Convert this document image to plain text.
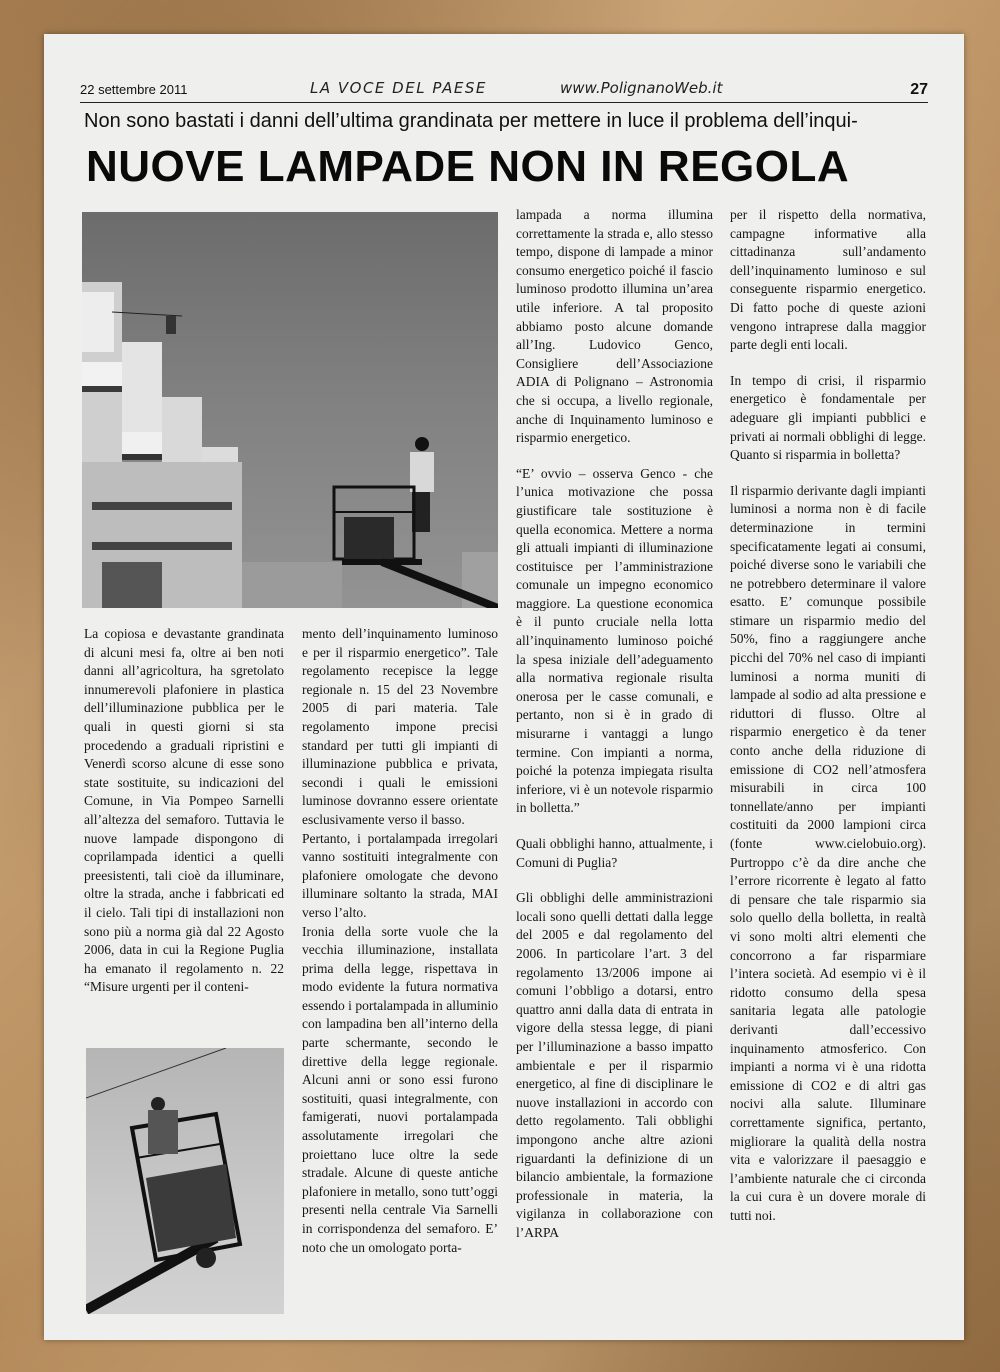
22 settembre 2011	LA VOCE DEL PAESE	www.PolignanoWeb.it	27
Non sono bastati i danni dell’ultima grandinata per mettere in luce il problema dell’inqui-
NUOVE LAMPADE NON IN REGOLA

La copiosa e devastante grandinata di alcuni mesi fa, oltre ai ben noti danni all’agricoltura, ha sgretolato innumerevoli plafoniere in plastica dell’illuminazione pubblica per le quali in questi giorni si sta procedendo a graduali ripristini e Venerdì scorso alcune di esse sono state sostituite, su indicazioni del Comune, in Via Pompeo Sarnelli all’altezza del semaforo. Tuttavia le nuove lampade dispongono di coprilampada identici a quelli preesistenti, tali cioè da illuminare, oltre la strada, anche i fabbricati ed il cielo. Tali tipi di installazioni non sono più a norma già dal 22 Agosto 2006, data in cui la Regione Puglia ha emanato il regolamento n. 22 “Misure urgenti per il conteni-

mento dell’inquinamento luminoso e per il risparmio energetico”. Tale regolamento recepisce la legge regionale n. 15 del 23 Novembre 2005 di pari materia. Tale regolamento impone precisi standard per tutti gli impianti di illuminazione pubblica e privata, secondi i quali le emissioni luminose dovranno essere orientate esclusivamente verso il basso.

Pertanto, i portalampada irregolari vanno sostituiti integralmente con plafoniere omologate che devono illuminare soltanto la strada, MAI verso l’alto.

Ironia della sorte vuole che la vecchia illuminazione, installata prima della legge, rispettava in modo evidente la futura normativa essendo i portalampada in alluminio con lampadina ben all’interno della parte schermante, secondo le direttive della legge regionale. Alcuni anni or sono essi furono sostituiti, quasi integralmente, con famigerati, nuovi portalampada assolutamente irregolari che proiettano luce oltre la sede stradale. Alcune di queste antiche plafoniere in metallo, sono tutt’oggi presenti nella centrale Via Sarnelli in corrispondenza del semaforo. E’ noto che un omologato porta-

lampada a norma illumina correttamente la strada e, allo stesso tempo, dispone di lampade a minor consumo energetico poiché il fascio luminoso prodotto illumina un’area utile inferiore. A tal proposito abbiamo posto alcune domande all’Ing. Ludovico Genco, Consigliere dell’Associazione ADIA di Polignano – Astronomia che si occupa, a livello regionale, anche di Inquinamento luminoso e risparmio energetico.

“E’ ovvio – osserva Genco - che l’unica motivazione che possa giustificare tale sostituzione è quella economica. Mettere a norma gli attuali impianti di illuminazione costituisce per l’amministrazione comunale un impegno economico maggiore. La questione economica è il punto cruciale nella lotta all’inquinamento luminoso poiché la spesa iniziale dell’adeguamento alla normativa regionale risulta onerosa per le casse comunali, e pertanto, non si è in grado di misurarne i vantaggi a lungo termine. Con impianti a norma, poiché la potenza impiegata risulta inferiore, vi è un notevole risparmio in bolletta.”

Quali obblighi hanno, attualmente, i Comuni di Puglia?

Gli obblighi delle amministrazioni locali sono quelli dettati dalla legge del 2005 e dal regolamento del 2006. In particolare l’art. 3 del regolamento 13/2006 impone ai comuni l’obbligo a dotarsi, entro quattro anni dalla data di entrata in vigore della stessa legge, di piani per l’illuminazione a basso impatto ambientale e per il risparmio energetico, al fine di disciplinare le nuove installazioni in accordo con detto regolamento. Tali obblighi impongono anche altre azioni riguardanti la definizione di un bilancio ambientale, la formazione professionale in materia, la vigilanza in collaborazione con l’ARPA

per il rispetto della normativa, campagne informative alla cittadinanza sull’andamento dell’inquinamento luminoso e sul conseguente risparmio energetico. Di fatto poche di queste azioni vengono intraprese dalla maggior parte degli enti locali.

In tempo di crisi, il risparmio energetico è fondamentale per adeguare gli impianti pubblici e privati ai normali obblighi di legge. Quanto si risparmia in bolletta?

Il risparmio derivante dagli impianti luminosi a norma non è di facile determinazione in termini specificatamente legati ai consumi, poiché diverse sono le variabili che ne potrebbero determinare il valore esatto. E’ comunque possibile stimare un risparmio medio del 50%, fino a raggiungere anche picchi del 70% nel caso di impianti luminosi a norma muniti di lampade al sodio ad alta pressione e riduttori di flusso. Oltre al risparmio energetico è da tener conto anche della riduzione di emissione di CO2 nell’atmosfera misurabili in circa 100 tonnellate/anno per impianti costituiti da 2000 lampioni circa (fonte www.cielobuio.org). Purtroppo c’è da dire anche che l’errore ricorrente è legato al fatto di pensare che tale risparmio sia solo quello della bolletta, in realtà vi sono molti altri elementi che concorrono a far risparmiare l’intera società. Ad esempio vi è il ridotto consumo della spesa sanitaria legata alle patologie derivanti dall’eccessivo inquinamento atmosferico. Con impianti a norma vi è una ridotta emissione di CO2 e di altri gas nocivi alla salute. Illuminare correttamente significa, pertanto, migliorare la qualità della nostra vita e valorizzare il paesaggio e l’ambiente naturale che ci circonda la cui cura è un dovere morale di tutti noi.
